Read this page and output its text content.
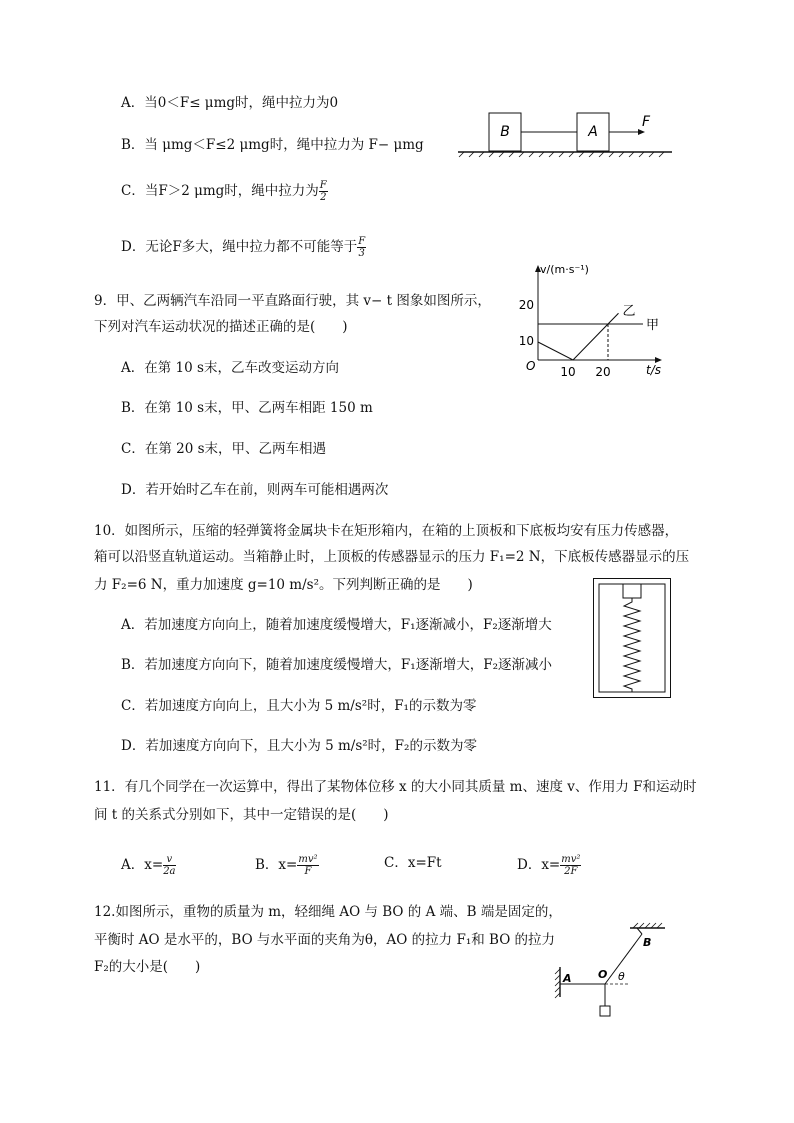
A．当0＜F≤ μmg时，绳中拉力为0
B．当 μmg＜F≤2 μmg时，绳中拉力为 F− μmg
C．当F＞2 μmg时，绳中拉力为 $\frac{F}{2}$
D．无论F多大，绳中拉力都不可能等于 $\frac{F}{3}$
B	A
F
9．甲、乙两辆汽车沿同一平直路面行驶，其 v− t 图象如图所示，
下列对汽车运动状况的描述正确的是(　　)
A．在第 10 s末，乙车改变运动方向
B．在第 10 s末，甲、乙两车相距 150 m
C．在第 20 s末，甲、乙两车相遇
D．若开始时乙车在前，则两车可能相遇两次
v/(m·s⁻¹)
t/s
O 10 20
10
20
甲
乙
10．如图所示，压缩的轻弹簧将金属块卡在矩形箱内，在箱的上顶板和下底板均安有压力传感器，
箱可以沿竖直轨道运动。当箱静止时，上顶板的传感器显示的压力 F₁=2 N，下底板传感器显示的压
力 F₂=6 N，重力加速度 g=10 m/s²。下列判断正确的是　　)
A．若加速度方向向上，随着加速度缓慢增大，F₁逐渐减小，F₂逐渐增大
B．若加速度方向向下，随着加速度缓慢增大，F₁逐渐增大，F₂逐渐减小
C．若加速度方向向上，且大小为 5 m/s²时，F₁的示数为零
D．若加速度方向向下，且大小为 5 m/s²时，F₂的示数为零
11．有几个同学在一次运算中，得出了某物体位移 x 的大小同其质量 m、速度 v、作用力 F和运动时
间 t 的关系式分别如下，其中一定错误的是(　　)
A．$x= \frac{v}{2a}$	B．$x= \frac{\text{mv²}}{F}$	C．x=Ft	D．$x= \frac{\text{mv²}}{2F}$
12.如图所示，重物的质量为 m，轻细绳 AO 与 BO 的 A 端、B 端是固定的，
平衡时 AO 是水平的，BO 与水平面的夹角为θ，AO 的拉力 F₁和 BO 的拉力
F₂的大小是(　　)
A O
B
θ
